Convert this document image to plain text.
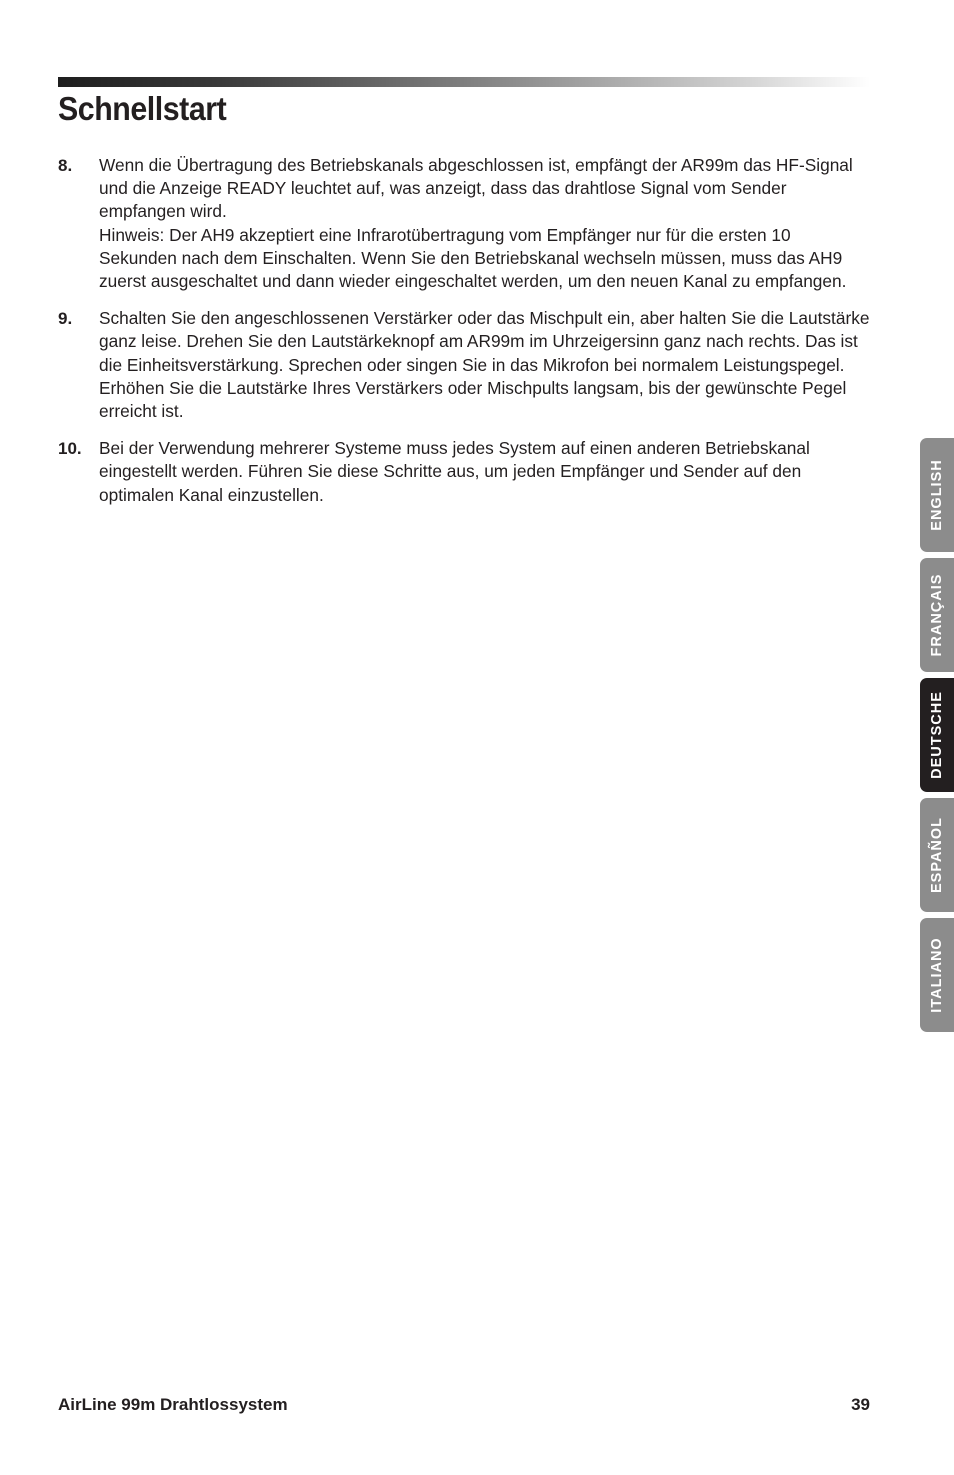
Schnellstart
8.	Wenn die Übertragung des Betriebskanals abgeschlossen ist, empfängt der AR99m das HF-Signal und die Anzeige READY leuchtet auf, was anzeigt, dass das drahtlose Signal vom Sender empfangen wird.

Hinweis: Der AH9 akzeptiert eine Infrarotübertragung vom Empfänger nur für die ersten 10 Sekunden nach dem Einschalten. Wenn Sie den Betriebskanal wechseln müssen, muss das AH9 zuerst ausgeschaltet und dann wieder eingeschaltet werden, um den neuen Kanal zu empfangen.

9.	Schalten Sie den angeschlossenen Verstärker oder das Mischpult ein, aber halten Sie die Lautstärke ganz leise. Drehen Sie den Lautstärkeknopf am AR99m im Uhrzeigersinn ganz nach rechts. Das ist die Einheitsverstärkung. Sprechen oder singen Sie in das Mikrofon bei normalem Leistungspegel. Erhöhen Sie die Lautstärke Ihres Verstärkers oder Mischpults langsam, bis der gewünschte Pegel erreicht ist.

10.	Bei der Verwendung mehrerer Systeme muss jedes System auf einen anderen Betriebskanal eingestellt werden. Führen Sie diese Schritte aus, um jeden Empfänger und Sender auf den optimalen Kanal einzustellen.	ENGLISH
FRANÇAIS
DEUTSCHE
ESPAÑOL
ITALIANO
AirLine 99m Drahtlossystem	39
